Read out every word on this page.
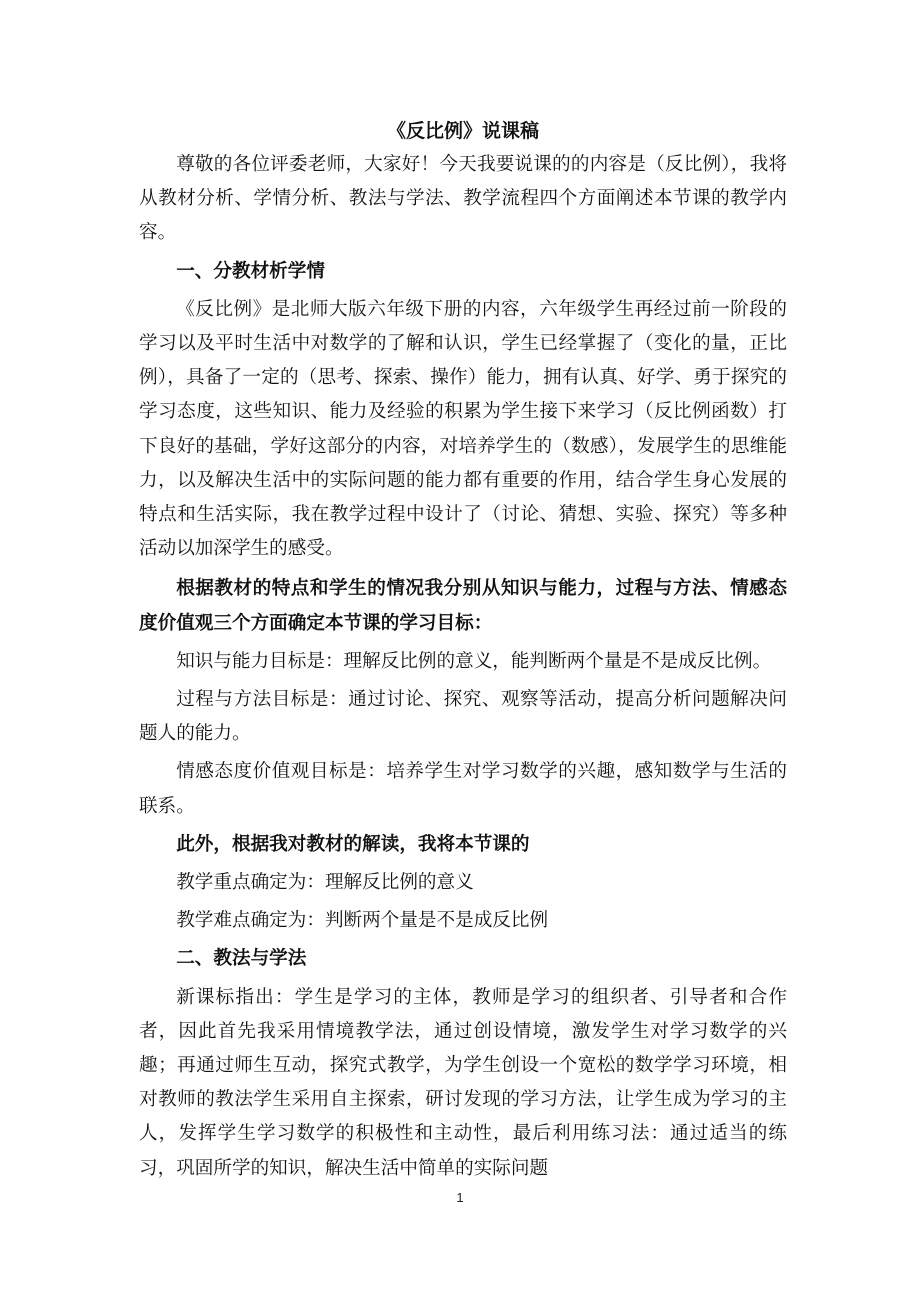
《反比例》说课稿

尊敬的各位评委老师，大家好！今天我要说课的的内容是（反比例），我将从教材分析、学情分析、教法与学法、教学流程四个方面阐述本节课的教学内容。

一、分教材析学情

《反比例》是北师大版六年级下册的内容，六年级学生再经过前一阶段的学习以及平时生活中对数学的了解和认识，学生已经掌握了（变化的量，正比例），具备了一定的（思考、探索、操作）能力，拥有认真、好学、勇于探究的学习态度，这些知识、能力及经验的积累为学生接下来学习（反比例函数）打下良好的基础，学好这部分的内容，对培养学生的（数感），发展学生的思维能力，以及解决生活中的实际问题的能力都有重要的作用，结合学生身心发展的特点和生活实际，我在教学过程中设计了（讨论、猜想、实验、探究）等多种活动以加深学生的感受。

根据教材的特点和学生的情况我分别从知识与能力，过程与方法、情感态度价值观三个方面确定本节课的学习目标：

知识与能力目标是：理解反比例的意义，能判断两个量是不是成反比例。

过程与方法目标是：通过讨论、探究、观察等活动，提高分析问题解决问题人的能力。

情感态度价值观目标是：培养学生对学习数学的兴趣，感知数学与生活的联系。

此外，根据我对教材的解读，我将本节课的

教学重点确定为：理解反比例的意义

教学难点确定为：判断两个量是不是成反比例

二、教法与学法

新课标指出：学生是学习的主体，教师是学习的组织者、引导者和合作者，因此首先我采用情境教学法，通过创设情境，激发学生对学习数学的兴趣；再通过师生互动，探究式教学，为学生创设一个宽松的数学学习环境，相对教师的教法学生采用自主探索，研讨发现的学习方法，让学生成为学习的主人，发挥学生学习数学的积极性和主动性，最后利用练习法：通过适当的练习，巩固所学的知识，解决生活中简单的实际问题

1
